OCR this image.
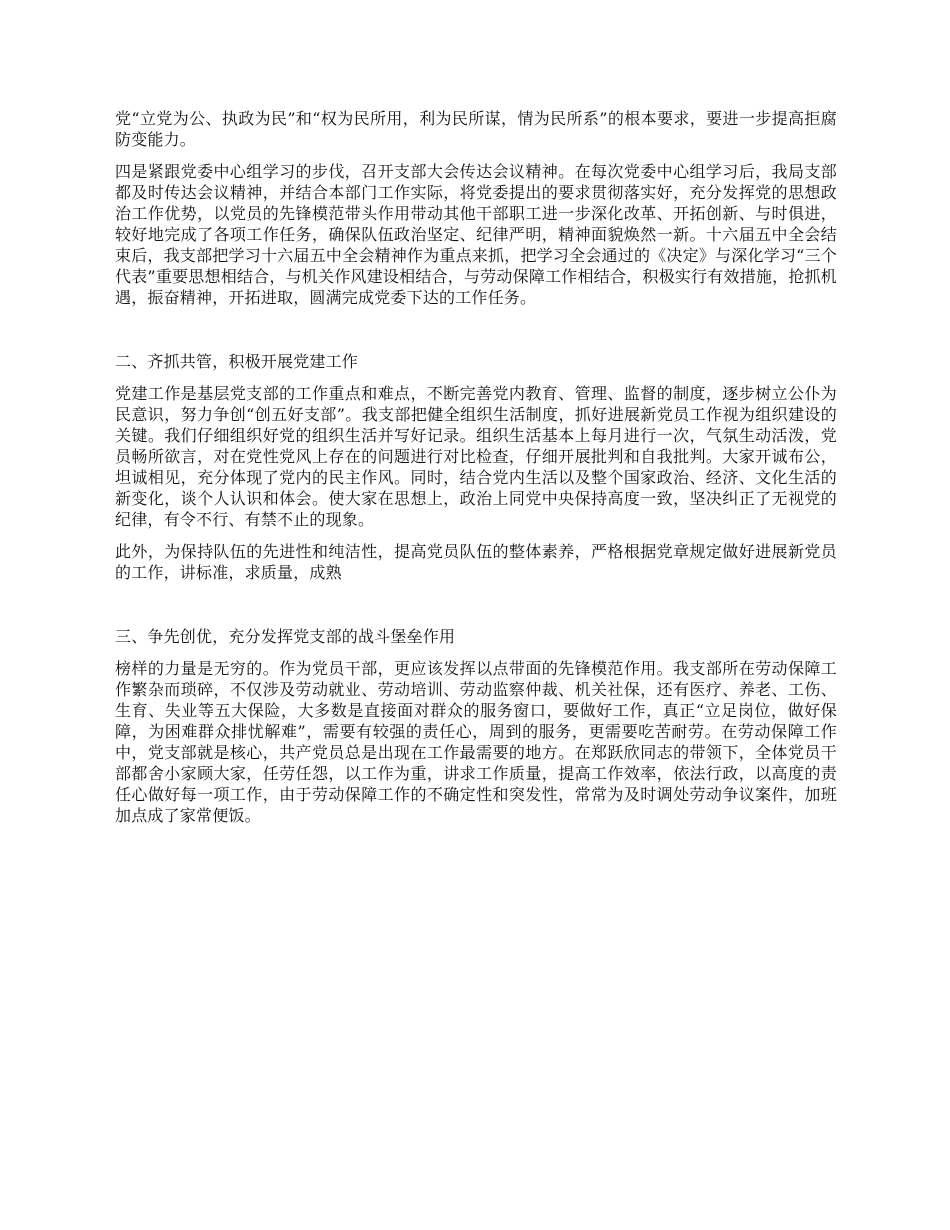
党“立党为公、执政为民”和“权为民所用，利为民所谋，情为民所系”的根本要求，要进一步提高拒腐防变能力。

四是紧跟党委中心组学习的步伐，召开支部大会传达会议精神。在每次党委中心组学习后，我局支部都及时传达会议精神，并结合本部门工作实际，将党委提出的要求贯彻落实好，充分发挥党的思想政治工作优势，以党员的先锋模范带头作用带动其他干部职工进一步深化改革、开拓创新、与时俱进，较好地完成了各项工作任务，确保队伍政治坚定、纪律严明，精神面貌焕然一新。十六届五中全会结束后，我支部把学习十六届五中全会精神作为重点来抓，把学习全会通过的《决定》与深化学习“三个代表”重要思想相结合，与机关作风建设相结合，与劳动保障工作相结合，积极实行有效措施，抢抓机遇，振奋精神，开拓进取，圆满完成党委下达的工作任务。

二、齐抓共管，积极开展党建工作

党建工作是基层党支部的工作重点和难点，不断完善党内教育、管理、监督的制度，逐步树立公仆为民意识，努力争创“创五好支部”。我支部把健全组织生活制度，抓好进展新党员工作视为组织建设的关键。我们仔细组织好党的组织生活并写好记录。组织生活基本上每月进行一次，气氛生动活泼，党员畅所欲言，对在党性党风上存在的问题进行对比检查，仔细开展批判和自我批判。大家开诚布公，坦诚相见，充分体现了党内的民主作风。同时，结合党内生活以及整个国家政治、经济、文化生活的新变化，谈个人认识和体会。使大家在思想上，政治上同党中央保持高度一致，坚决纠正了无视党的纪律，有令不行、有禁不止的现象。

此外，为保持队伍的先进性和纯洁性，提高党员队伍的整体素养，严格根据党章规定做好进展新党员的工作，讲标准，求质量，成熟

三、争先创优，充分发挥党支部的战斗堡垒作用

榜样的力量是无穷的。作为党员干部，更应该发挥以点带面的先锋模范作用。我支部所在劳动保障工作繁杂而琐碎，不仅涉及劳动就业、劳动培训、劳动监察仲裁、机关社保，还有医疗、养老、工伤、生育、失业等五大保险，大多数是直接面对群众的服务窗口，要做好工作，真正“立足岗位，做好保障，为困难群众排忧解难”，需要有较强的责任心，周到的服务，更需要吃苦耐劳。在劳动保障工作中，党支部就是核心，共产党员总是出现在工作最需要的地方。在郑跃欣同志的带领下，全体党员干部都舍小家顾大家，任劳任怨，以工作为重，讲求工作质量，提高工作效率，依法行政，以高度的责任心做好每一项工作，由于劳动保障工作的不确定性和突发性，常常为及时调处劳动争议案件，加班加点成了家常便饭。
